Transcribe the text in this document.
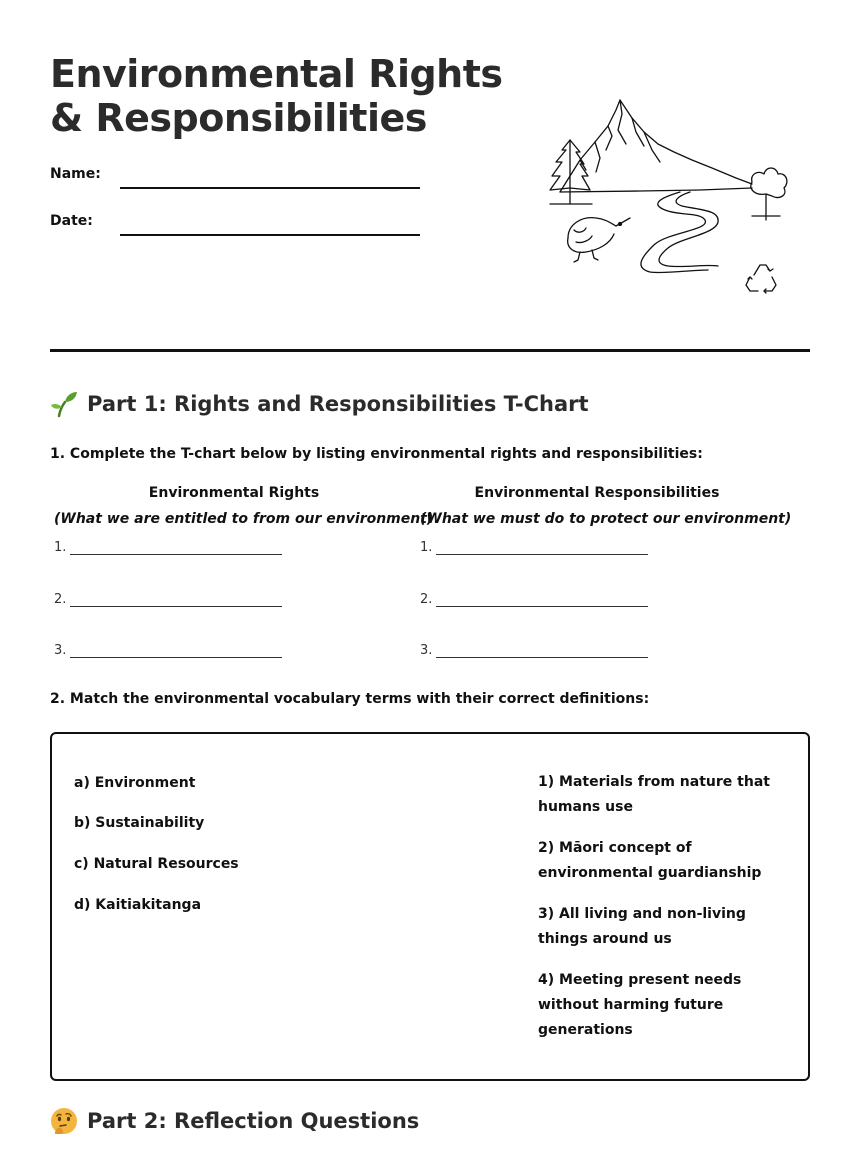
Environmental Rights & Responsibilities
Name:
Date:
Part 1: Rights and Responsibilities T-Chart
1. Complete the T-chart below by listing environmental rights and responsibilities:
Environmental Rights
(What we are entitled to from our environment)
Environmental Responsibilities
(What we must do to protect our environment)
1.
2.
3.
1.
2.
3.
2. Match the environmental vocabulary terms with their correct definitions:
a) Environment
b) Sustainability
c) Natural Resources
d) Kaitiakitanga
1) Materials from nature that humans use
2) Māori concept of environmental guardianship
3) All living and non-living things around us
4) Meeting present needs without harming future generations
Part 2: Reflection Questions
